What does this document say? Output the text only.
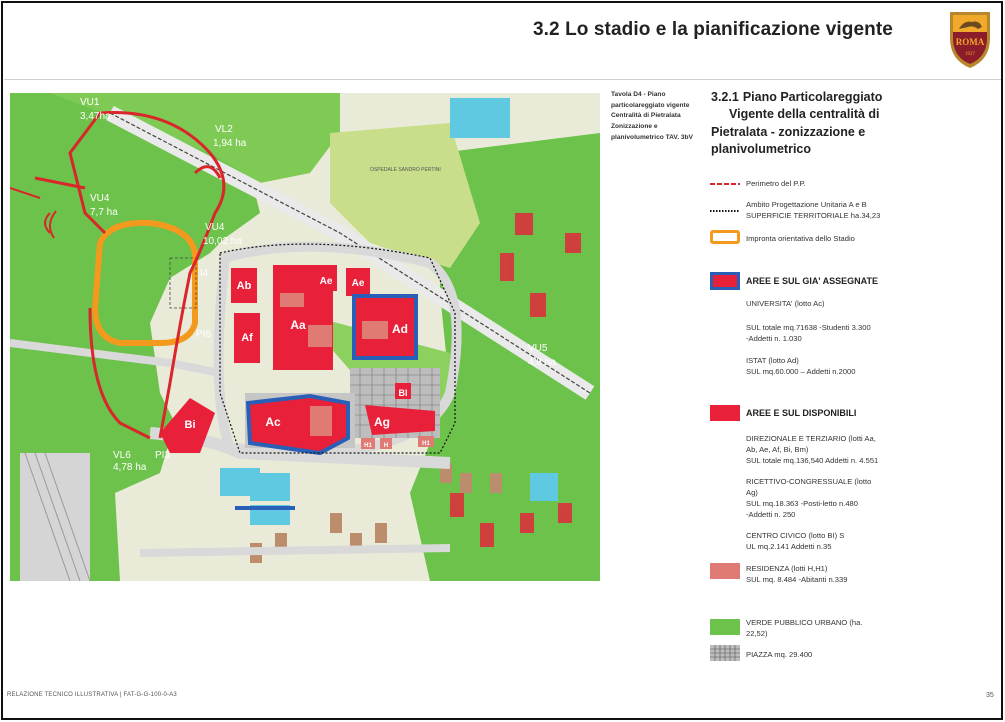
3.2 Lo stadio e la pianificazione vigente
ROMA
1927
Ab
Af
Aa
Ae Ae
Ad
Ac	Ag
Bl
Bi
H1 H	H1
VU1
3,47ha
VL2
1,94 ha
VU4
7,7 ha
VU4
10,02 ha
VU5
4,8 ha
VL6
4,78 ha
PI6
PI3
I4
OSPEDALE SANDRO PERTINI
Tavola D4 - Piano particolareggiato vigente Centralità di Pietralata Zonizzazione e planivolumetrico TAV. 3bV
3.2.1 Piano Particolareggiato
Vigente della centralità di
Pietralata - zonizzazione e
planivolumetrico
Perimetro del P.P.
Ambito Progettazione Unitaria A e B
SUPERFICIE TERRITORIALE ha.34,23
Impronta orientativa dello Stadio
AREE E SUL GIA' ASSEGNATE
UNIVERSITA' (lotto Ac)
SUL totale mq.71638 -Studenti 3.300
-Addetti n. 1.030
ISTAT (lotto Ad)
SUL mq.60.000 – Addetti n.2000
AREE E SUL DISPONIBILI
DIREZIONALE E TERZIARIO (lotti Aa,
Ab, Ae, Af, Bi, Bm)
SUL totale mq.136,540 Addetti n. 4.551
RICETTIVO-CONGRESSUALE (lotto
Ag)
SUL mq.18.363 -Posti-letto n.480
-Addetti n. 250
CENTRO CIVICO (lotto BI) S
UL mq.2.141 Addetti n.35
RESIDENZA (lotti H,H1)
SUL mq. 8.484 -Abitanti n.339
VERDE PUBBLICO URBANO (ha.
22,52)
PIAZZA mq. 29.400
RELAZIONE TECNICO ILLUSTRATIVA | FAT-G-G-100-0-A3	35
